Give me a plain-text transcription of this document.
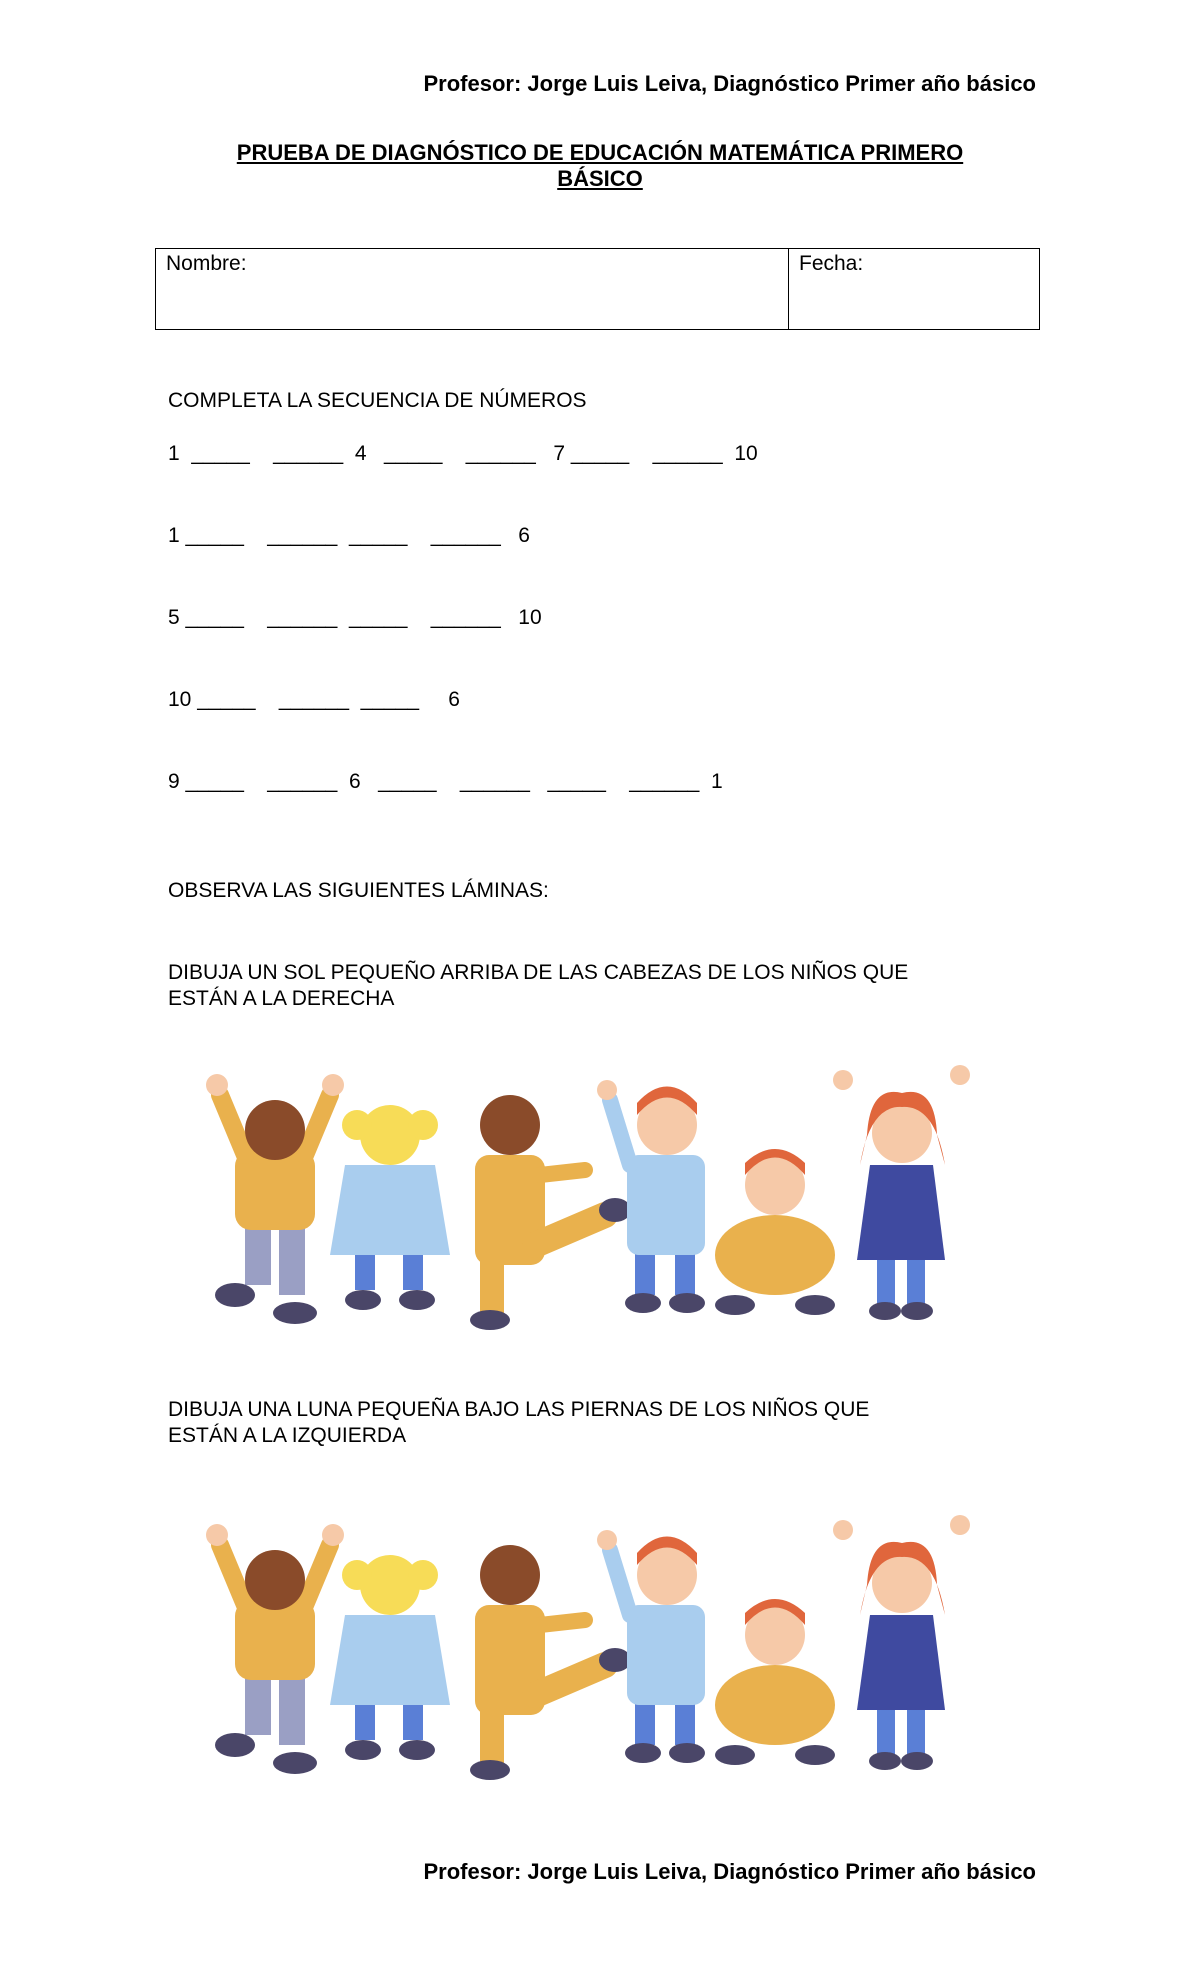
Profesor: Jorge Luis Leiva, Diagnóstico Primer año básico
PRUEBA DE DIAGNÓSTICO DE EDUCACIÓN MATEMÁTICA PRIMERO
BÁSICO
Nombre:	Fecha:
COMPLETA LA SECUENCIA DE NÚMEROS
1  _____    ______  4   _____    ______   7 _____    ______  10
1 _____    ______  _____    ______   6
5 _____    ______  _____    ______   10
10 _____    ______  _____     6
9 _____    ______  6   _____    ______   _____    ______  1
OBSERVA LAS SIGUIENTES LÁMINAS:
DIBUJA UN SOL PEQUEÑO ARRIBA DE LAS CABEZAS DE LOS NIÑOS QUE
ESTÁN A LA DERECHA
DIBUJA UNA LUNA PEQUEÑA BAJO LAS PIERNAS DE LOS NIÑOS QUE
ESTÁN A LA IZQUIERDA
Profesor: Jorge Luis Leiva, Diagnóstico Primer año básico
